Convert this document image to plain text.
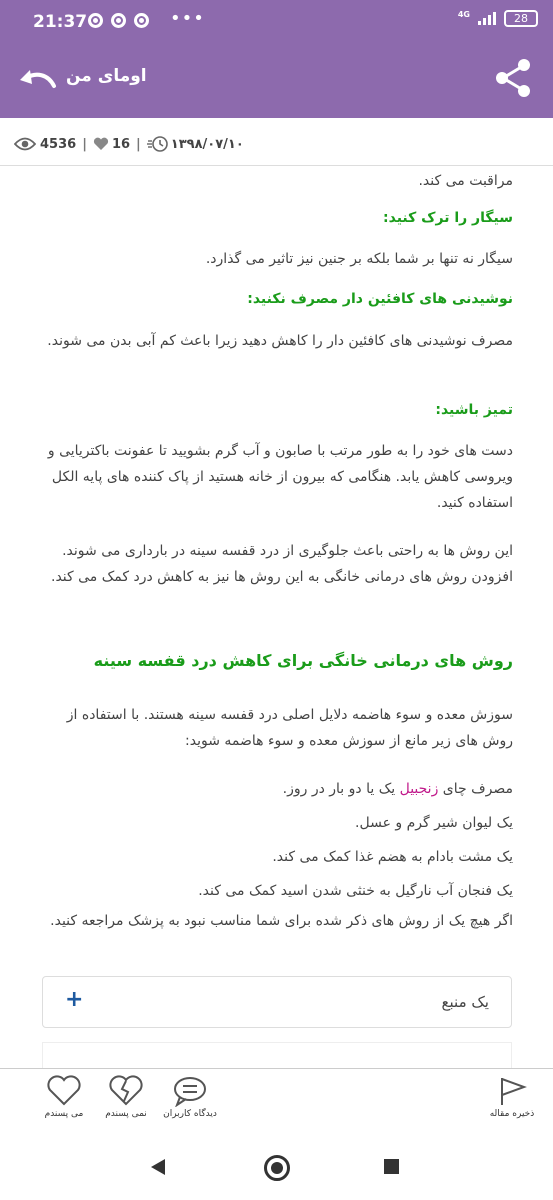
21:37	•••	4G	28
اومای من
4536 | 16 | ۱۳۹۸/۰۷/۱۰
مراقبت می کند.
سیگار را ترک کنید:
سیگار نه تنها بر شما بلکه بر جنین نیز تاثیر می گذارد.
نوشیدنی های کافئین دار مصرف نکنید:
مصرف نوشیدنی های کافئین دار را کاهش دهید زیرا باعث کم آبی بدن می شوند.
تمیز باشید:
دست های خود را به طور مرتب با صابون و آب گرم بشویید تا عفونت باکتریایی و ویروسی کاهش یابد. هنگامی که بیرون از خانه هستید از پاک کننده های پایه الکل استفاده کنید.
این روش ها به راحتی باعث جلوگیری از درد قفسه سینه در بارداری می شوند. افزودن روش های درمانی خانگی به این روش ها نیز به کاهش درد کمک می کند.
روش های درمانی خانگی برای کاهش درد قفسه سینه
سوزش معده و سوء هاضمه دلایل اصلی درد قفسه سینه هستند. با استفاده از روش های زیر مانع از سوزش معده و سوء هاضمه شوید:
مصرف چای زنجبیل یک یا دو بار در روز.
یک لیوان شیر گرم و عسل.
یک مشت بادام به هضم غذا کمک می کند.
یک فنجان آب نارگیل به خنثی شدن اسید کمک می کند.
اگر هیچ یک از روش های ذکر شده برای شما مناسب نبود به پزشک مراجعه کنید.
یک منبع
+
می پسندم	نمی پسندم	دیدگاه کاربران	ذخیره مقاله
